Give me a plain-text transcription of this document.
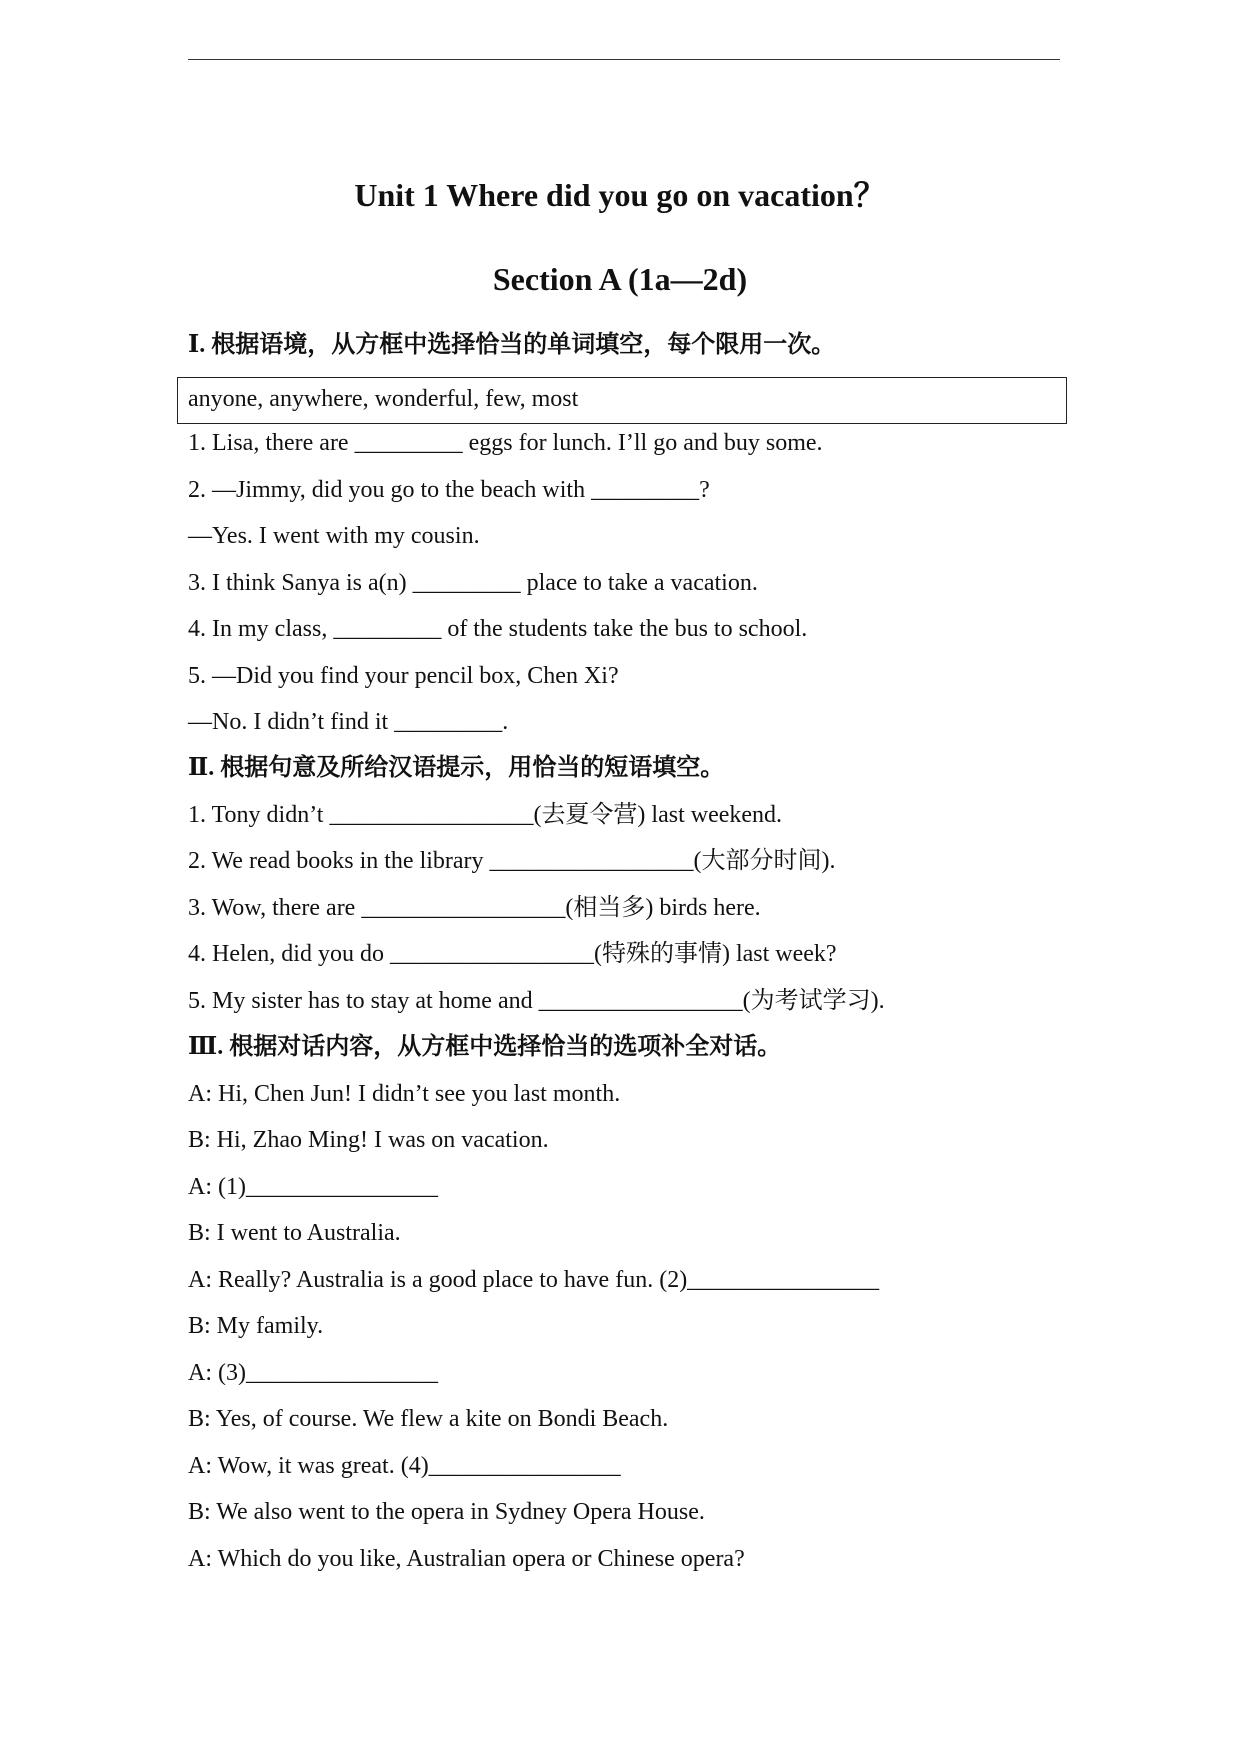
Unit 1 Where did you go on vacation？
Section A (1a—2d)
Ⅰ. 根据语境，从方框中选择恰当的单词填空，每个限用一次。
anyone, anywhere, wonderful, few, most
1. Lisa, there are _________ eggs for lunch. I’ll go and buy some.
2. —Jimmy, did you go to the beach with _________?
—Yes. I went with my cousin.
3. I think Sanya is a(n) _________ place to take a vacation.
4. In my class, _________ of the students take the bus to school.
5. —Did you find your pencil box, Chen Xi?
—No. I didn’t find it _________.
Ⅱ. 根据句意及所给汉语提示，用恰当的短语填空。
1. Tony didn’t _________________(去夏令营) last weekend.
2. We read books in the library _________________(大部分时间).
3. Wow, there are _________________(相当多) birds here.
4. Helen, did you do _________________(特殊的事情) last week?
5. My sister has to stay at home and _________________(为考试学习).
Ⅲ. 根据对话内容，从方框中选择恰当的选项补全对话。
A: Hi, Chen Jun! I didn’t see you last month.
B: Hi, Zhao Ming! I was on vacation.
A: (1)________________
B: I went to Australia.
A: Really? Australia is a good place to have fun. (2)________________
B: My family.
A: (3)________________
B: Yes, of course. We flew a kite on Bondi Beach.
A: Wow, it was great. (4)________________
B: We also went to the opera in Sydney Opera House.
A: Which do you like, Australian opera or Chinese opera?
